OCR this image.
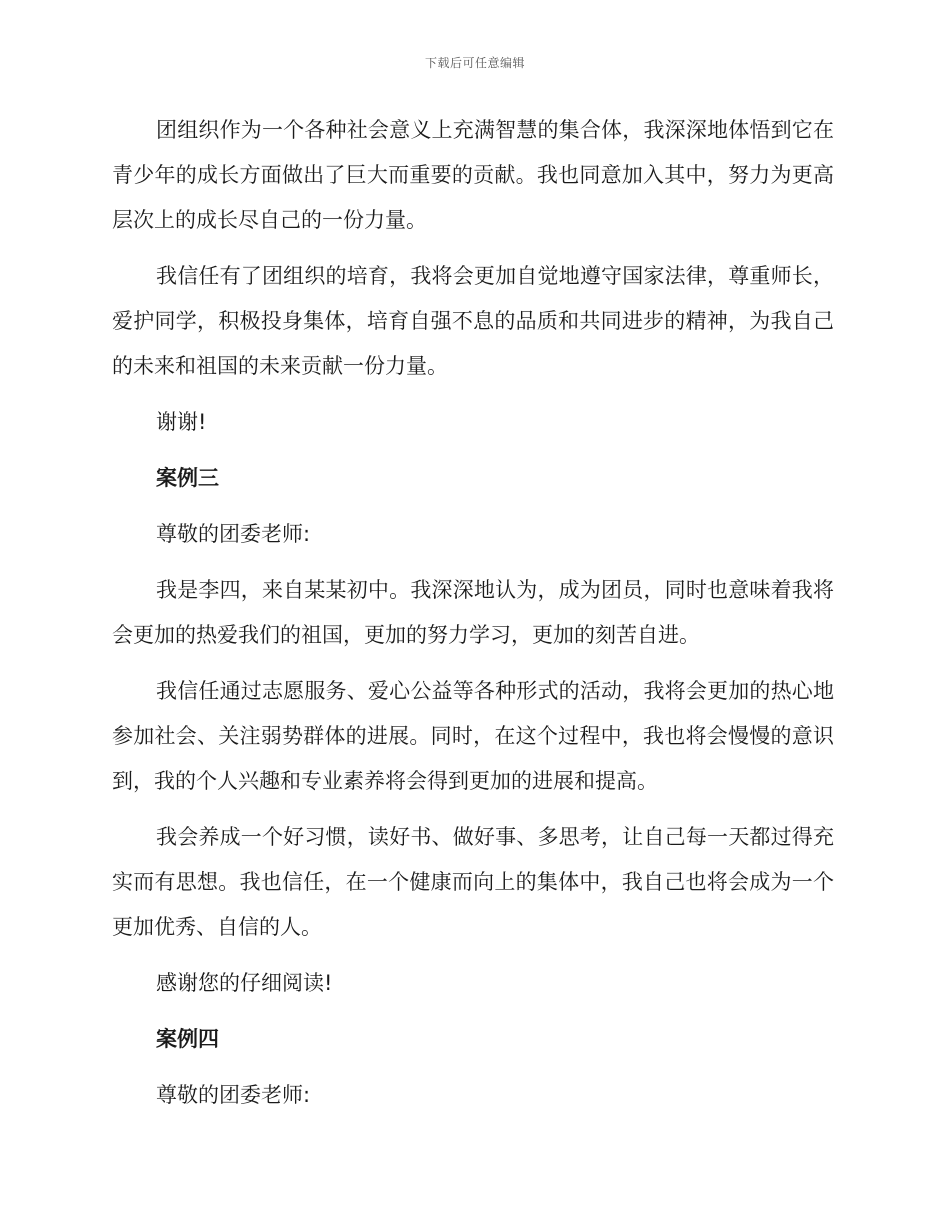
下载后可任意编辑

团组织作为一个各种社会意义上充满智慧的集合体，我深深地体悟到它在青少年的成长方面做出了巨大而重要的贡献。我也同意加入其中，努力为更高层次上的成长尽自己的一份力量。

我信任有了团组织的培育，我将会更加自觉地遵守国家法律，尊重师长，爱护同学，积极投身集体，培育自强不息的品质和共同进步的精神，为我自己的未来和祖国的未来贡献一份力量。

谢谢!

案例三

尊敬的团委老师:

我是李四，来自某某初中。我深深地认为，成为团员，同时也意味着我将会更加的热爱我们的祖国，更加的努力学习，更加的刻苦自进。

我信任通过志愿服务、爱心公益等各种形式的活动，我将会更加的热心地参加社会、关注弱势群体的进展。同时，在这个过程中，我也将会慢慢的意识到，我的个人兴趣和专业素养将会得到更加的进展和提高。

我会养成一个好习惯，读好书、做好事、多思考，让自己每一天都过得充实而有思想。我也信任，在一个健康而向上的集体中，我自己也将会成为一个更加优秀、自信的人。

感谢您的仔细阅读!

案例四

尊敬的团委老师:
